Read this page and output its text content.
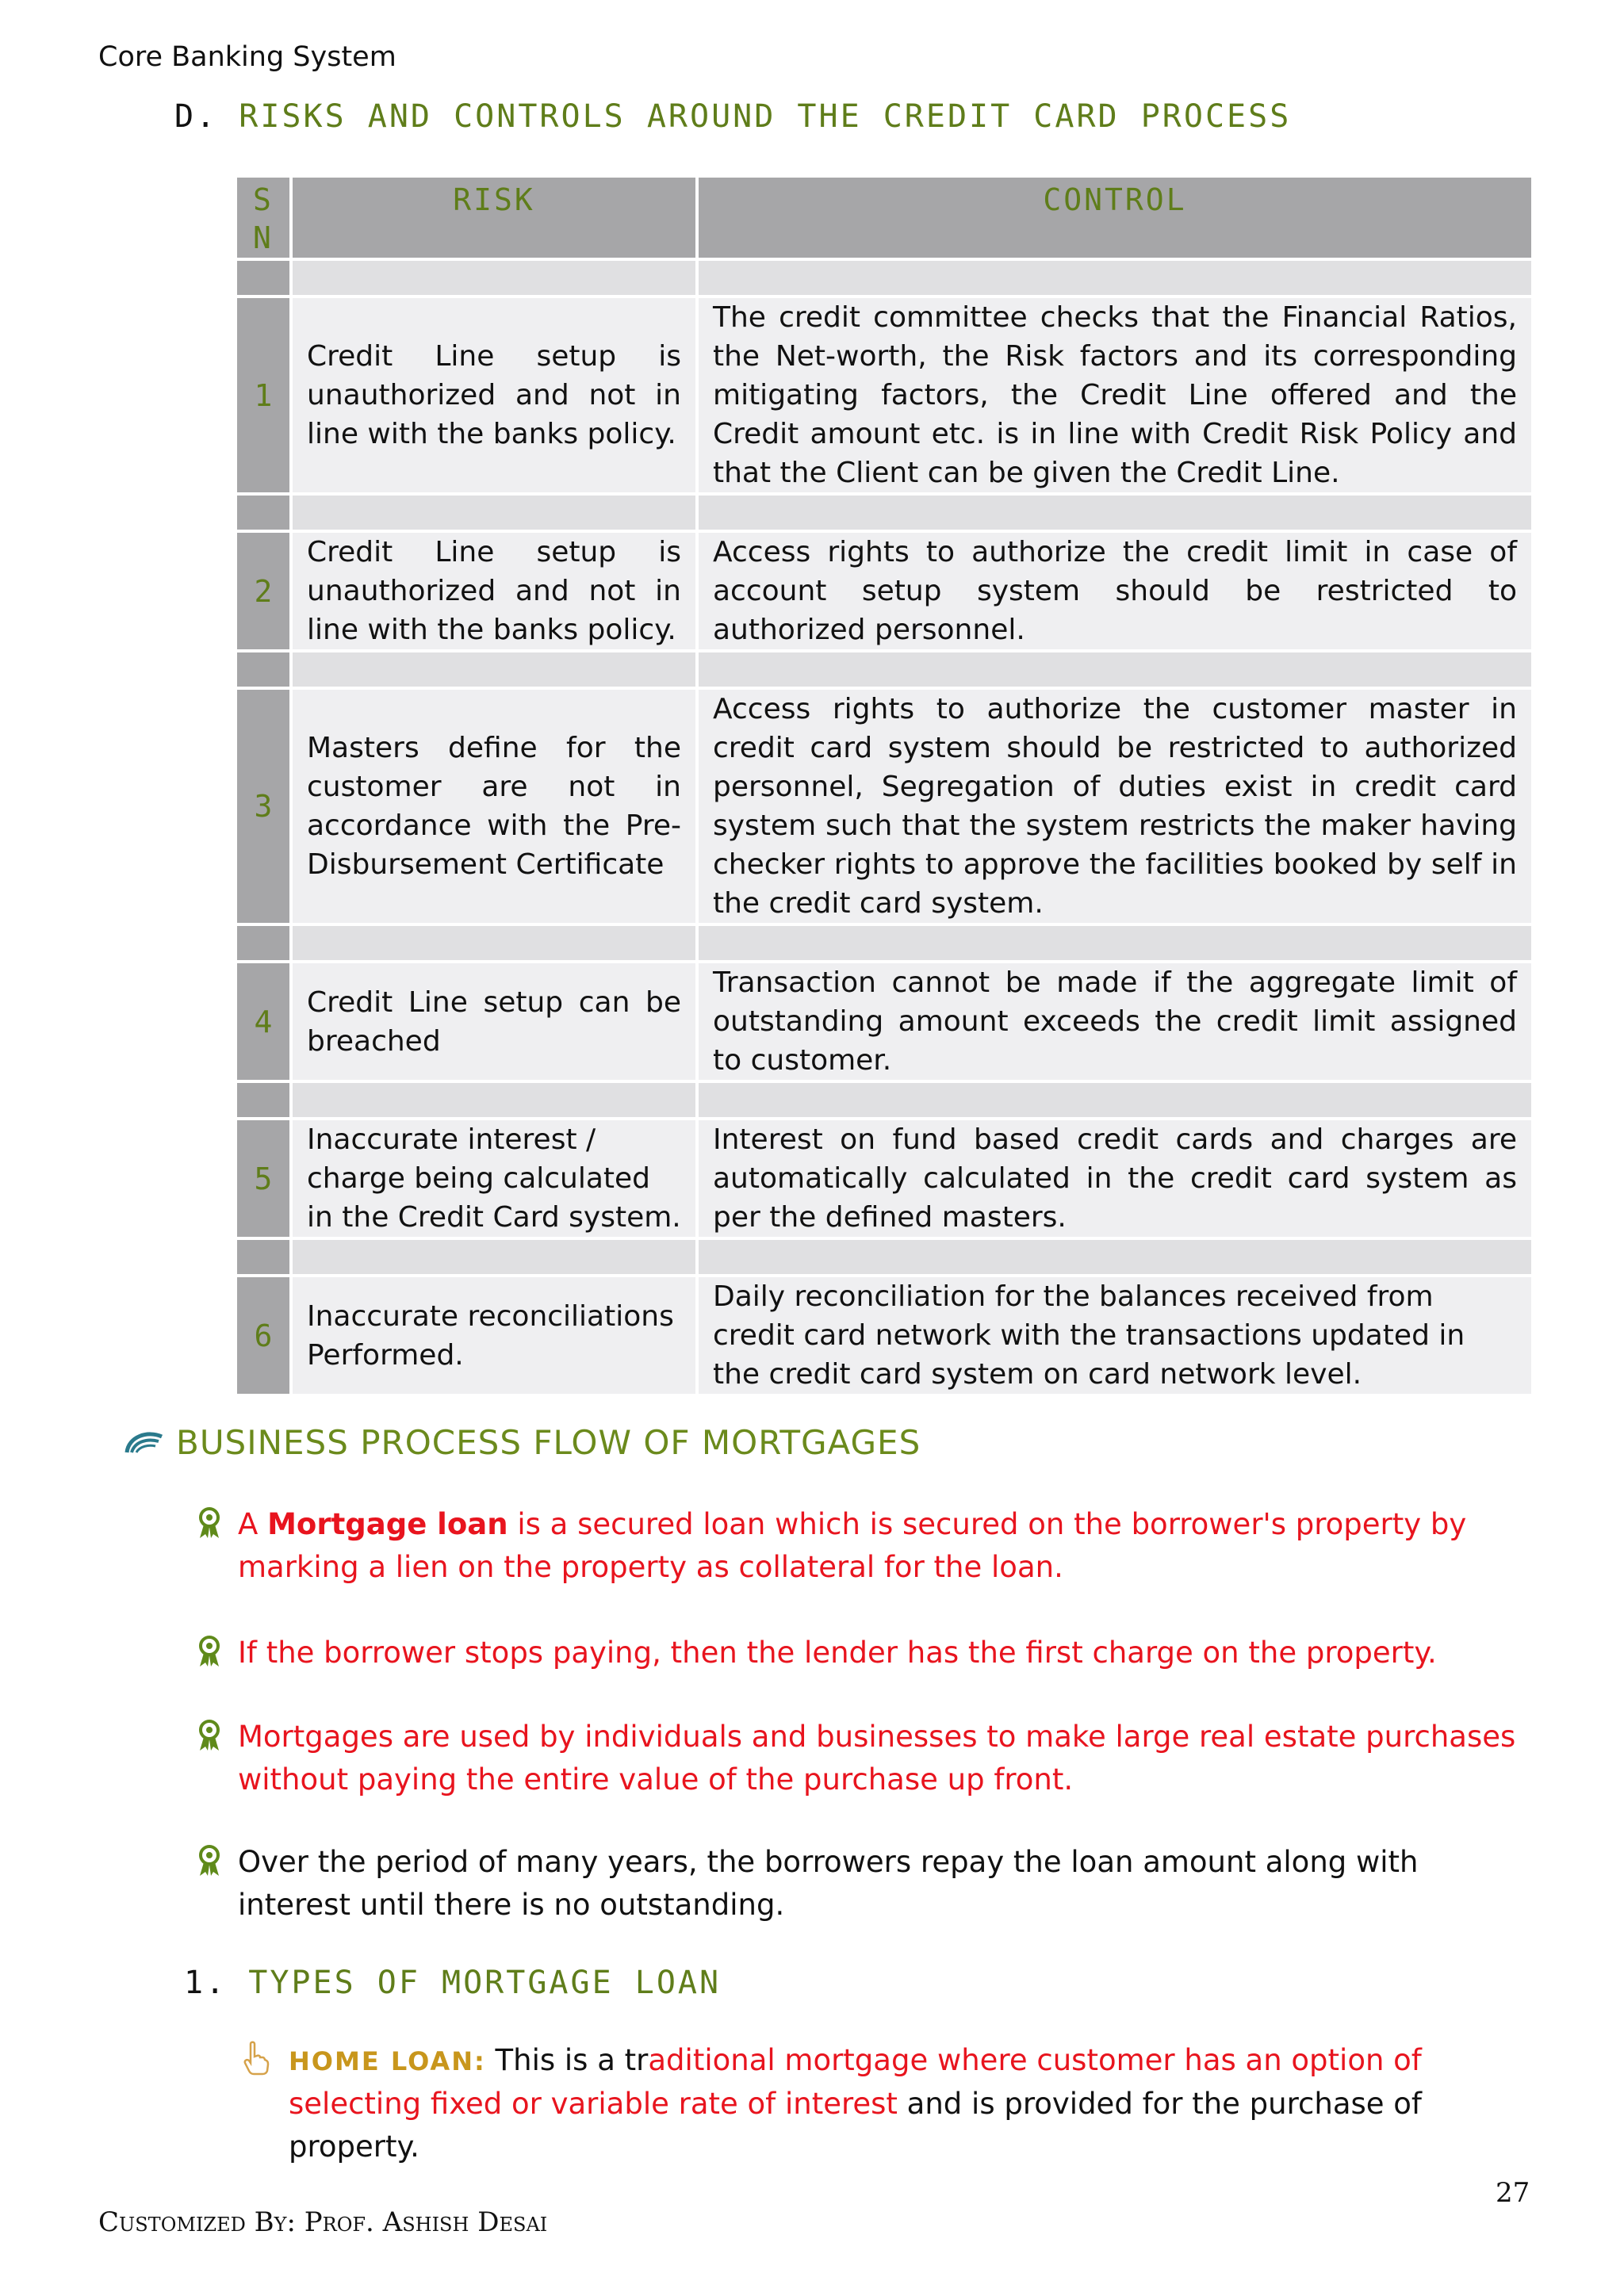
Core Banking System
D. RISKS AND CONTROLS AROUND THE CREDIT CARD PROCESS
S N	RISK	CONTROL

1	Credit Line setup is unauthorized and not in line with the banks policy.	The credit committee checks that the Financial Ratios, the Net-worth, the Risk factors and its corresponding mitigating factors, the Credit Line offered and the Credit amount etc. is in line with Credit Risk Policy and that the Client can be given the Credit Line.

2	Credit Line setup is unauthorized and not in line with the banks policy.	Access rights to authorize the credit limit in case of account setup system should be restricted to authorized personnel.

3	Masters define for the customer are not in accordance with the Pre-Disbursement Certificate	Access rights to authorize the customer master in credit card system should be restricted to authorized personnel, Segregation of duties exist in credit card system such that the system restricts the maker having checker rights to approve the facilities booked by self in the credit card system.

4	Credit Line setup can be breached	Transaction cannot be made if the aggregate limit of outstanding amount exceeds the credit limit assigned to customer.

5	Inaccurate interest / charge being calculated in the Credit Card system.	Interest on fund based credit cards and charges are automatically calculated in the credit card system as per the defined masters.

6	Inaccurate reconciliations Performed.	Daily reconciliation for the balances received from credit card network with the transactions updated in the credit card system on card network level.
BUSINESS PROCESS FLOW OF MORTGAGES
A Mortgage loan is a secured loan which is secured on the borrower's property by marking a lien on the property as collateral for the loan.
If the borrower stops paying, then the lender has the first charge on the property.
Mortgages are used by individuals and businesses to make large real estate purchases without paying the entire value of the purchase up front.
Over the period of many years, the borrowers repay the loan amount along with interest until there is no outstanding.
1. TYPES OF MORTGAGE LOAN
HOME LOAN: This is a traditional mortgage where customer has an option of selecting fixed or variable rate of interest and is provided for the purchase of property.
27
Customized By: Prof. Ashish Desai
